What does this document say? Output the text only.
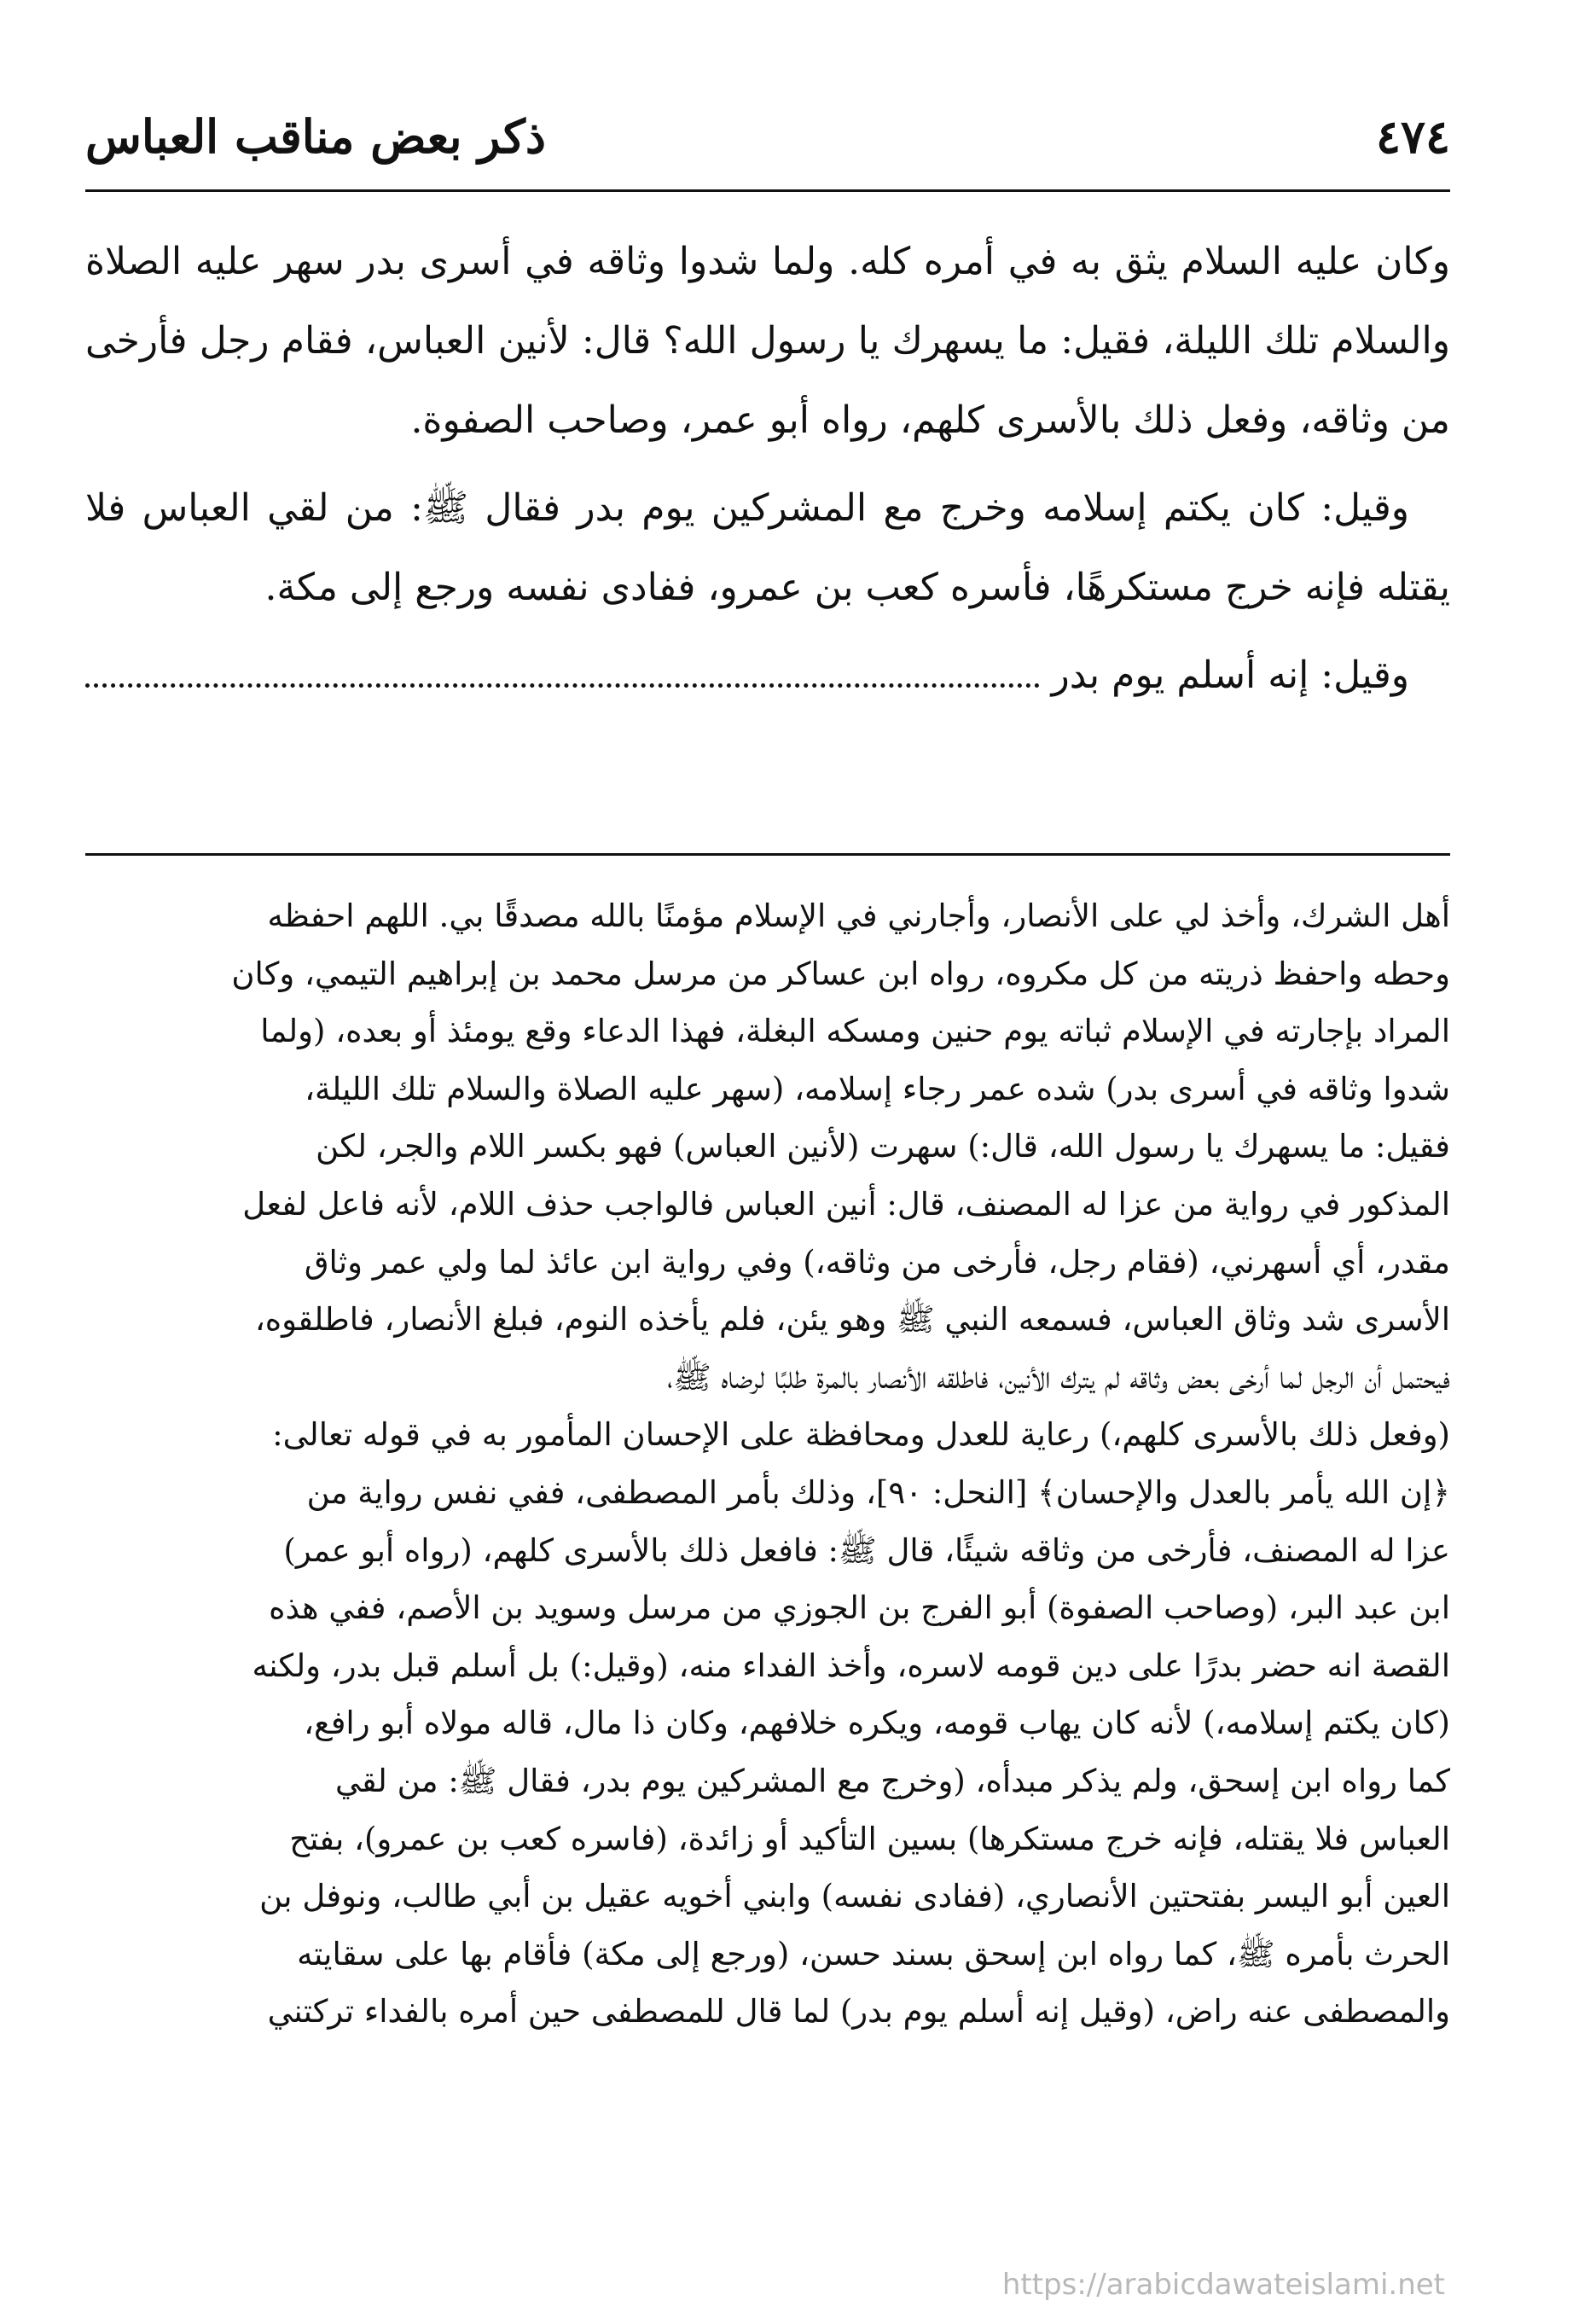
٤٧٤
ذكر بعض مناقب العباس

وكان عليه السلام يثق به في أمره كله. ولما شدوا وثاقه في أسرى بدر سهر عليه الصلاة والسلام تلك الليلة، فقيل: ما يسهرك يا رسول الله؟ قال: لأنين العباس، فقام رجل فأرخى من وثاقه، وفعل ذلك بالأسرى كلهم، رواه أبو عمر، وصاحب الصفوة.

وقيل: كان يكتم إسلامه وخرج مع المشركين يوم بدر فقال ﷺ: من لقي العباس فلا يقتله فإنه خرج مستكرهًا، فأسره كعب بن عمرو، ففادى نفسه ورجع إلى مكة.

وقيل: إنه أسلم يوم بدر

أهل الشرك، وأخذ لي على الأنصار، وأجارني في الإسلام مؤمنًا بالله مصدقًا بي. اللهم احفظه

وحطه واحفظ ذريته من كل مكروه، رواه ابن عساكر من مرسل محمد بن إبراهيم التيمي، وكان

المراد بإجارته في الإسلام ثباته يوم حنين ومسكه البغلة، فهذا الدعاء وقع يومئذ أو بعده، (ولما

شدوا وثاقه في أسرى بدر) شده عمر رجاء إسلامه، (سهر عليه الصلاة والسلام تلك الليلة،

فقيل: ما يسهرك يا رسول الله، قال:) سهرت (لأنين العباس) فهو بكسر اللام والجر، لكن

المذكور في رواية من عزا له المصنف، قال: أنين العباس فالواجب حذف اللام، لأنه فاعل لفعل

مقدر، أي أسهرني، (فقام رجل، فأرخى من وثاقه،) وفي رواية ابن عائذ لما ولي عمر وثاق

الأسرى شد وثاق العباس، فسمعه النبي ﷺ وهو يئن، فلم يأخذه النوم، فبلغ الأنصار، فاطلقوه،

فيحتمل أن الرجل لما أرخى بعض وثاقه لم يترك الأنين، فاطلقه الأنصار بالمرة طلبًا لرضاه ﷺ،

(وفعل ذلك بالأسرى كلهم،) رعاية للعدل ومحافظة على الإحسان المأمور به في قوله تعالى:

﴿إن الله يأمر بالعدل والإحسان﴾ [النحل: ٩٠]، وذلك بأمر المصطفى، ففي نفس رواية من

عزا له المصنف، فأرخى من وثاقه شيئًا، قال ﷺ: فافعل ذلك بالأسرى كلهم، (رواه أبو عمر)

ابن عبد البر، (وصاحب الصفوة) أبو الفرج بن الجوزي من مرسل وسويد بن الأصم، ففي هذه

القصة انه حضر بدرًا على دين قومه لاسره، وأخذ الفداء منه، (وقيل:) بل أسلم قبل بدر، ولكنه

(كان يكتم إسلامه،) لأنه كان يهاب قومه، ويكره خلافهم، وكان ذا مال، قاله مولاه أبو رافع،

كما رواه ابن إسحق، ولم يذكر مبدأه، (وخرج مع المشركين يوم بدر، فقال ﷺ: من لقي

العباس فلا يقتله، فإنه خرج مستكرها) بسين التأكيد أو زائدة، (فاسره كعب بن عمرو)، بفتح

العين أبو اليسر بفتحتين الأنصاري، (ففادى نفسه) وابني أخويه عقيل بن أبي طالب، ونوفل بن

الحرث بأمره ﷺ، كما رواه ابن إسحق بسند حسن، (ورجع إلى مكة) فأقام بها على سقايته

والمصطفى عنه راض، (وقيل إنه أسلم يوم بدر) لما قال للمصطفى حين أمره بالفداء تركتني

https://arabicdawateislami.net
